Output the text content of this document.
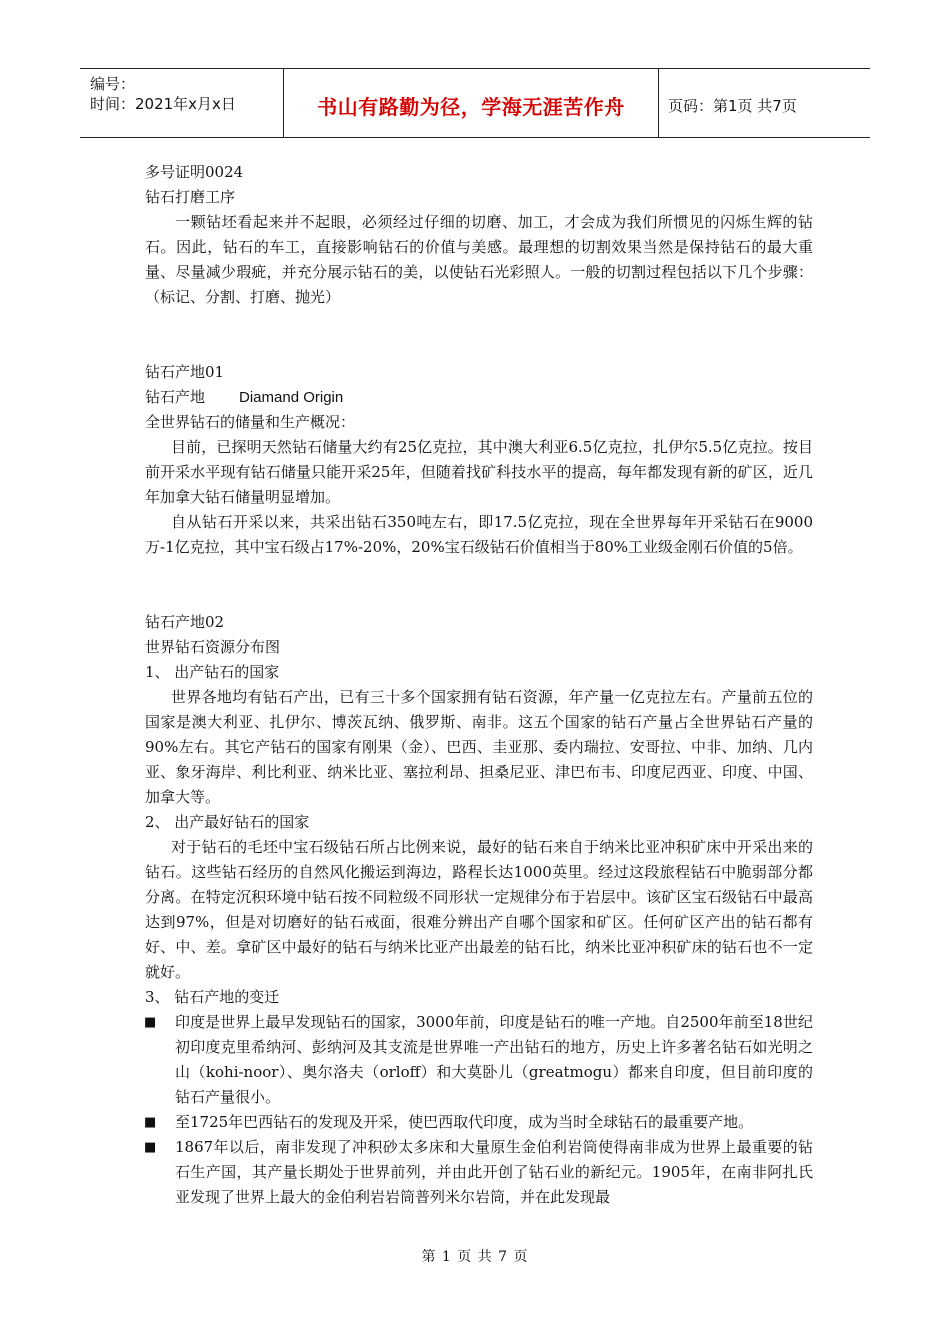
编号：
时间：2021年x月x日	书山有路勤为径，学海无涯苦作舟	页码：第1页 共7页

多号证明0024

钻石打磨工序

一颗钻坯看起来并不起眼，必须经过仔细的切磨、加工，才会成为我们所惯见的闪烁生辉的钻石。因此，钻石的车工，直接影响钻石的价值与美感。最理想的切割效果当然是保持钻石的最大重量、尽量减少瑕疵，并充分展示钻石的美，以使钻石光彩照人。一般的切割过程包括以下几个步骤：（标记、分割、打磨、抛光）

钻石产地01

钻石产地 Diamand Origin

全世界钻石的储量和生产概况：

目前，已探明天然钻石储量大约有25亿克拉，其中澳大利亚6.5亿克拉，扎伊尔5.5亿克拉。按目前开采水平现有钻石储量只能开采25年，但随着找矿科技水平的提高，每年都发现有新的矿区，近几年加拿大钻石储量明显增加。

自从钻石开采以来，共采出钻石350吨左右，即17.5亿克拉，现在全世界每年开采钻石在9000万-1亿克拉，其中宝石级占17%-20%，20%宝石级钻石价值相当于80%工业级金刚石价值的5倍。

钻石产地02

世界钻石资源分布图

1、 出产钻石的国家

世界各地均有钻石产出，已有三十多个国家拥有钻石资源，年产量一亿克拉左右。产量前五位的国家是澳大利亚、扎伊尔、博茨瓦纳、俄罗斯、南非。这五个国家的钻石产量占全世界钻石产量的90%左右。其它产钻石的国家有刚果（金）、巴西、圭亚那、委内瑞拉、安哥拉、中非、加纳、几内亚、象牙海岸、利比利亚、纳米比亚、塞拉利昂、担桑尼亚、津巴布韦、印度尼西亚、印度、中国、加拿大等。

2、 出产最好钻石的国家

对于钻石的毛坯中宝石级钻石所占比例来说，最好的钻石来自于纳米比亚冲积矿床中开采出来的钻石。这些钻石经历的自然风化搬运到海边，路程长达1000英里。经过这段旅程钻石中脆弱部分都分离。在特定沉积环境中钻石按不同粒级不同形状一定规律分布于岩层中。该矿区宝石级钻石中最高达到97%，但是对切磨好的钻石戒面，很难分辨出产自哪个国家和矿区。任何矿区产出的钻石都有好、中、差。拿矿区中最好的钻石与纳米比亚产出最差的钻石比，纳米比亚冲积矿床的钻石也不一定就好。

3、 钻石产地的变迁

■ 印度是世界上最早发现钻石的国家，3000年前，印度是钻石的唯一产地。自2500年前至18世纪初印度克里希纳河、彭纳河及其支流是世界唯一产出钻石的地方，历史上许多著名钻石如光明之山（kohi-noor）、奥尔洛夫（orloff）和大莫卧儿（greatmogu）都来自印度，但目前印度的钻石产量很小。
■ 至1725年巴西钻石的发现及开采，使巴西取代印度，成为当时全球钻石的最重要产地。
■ 1867年以后，南非发现了冲积砂太多床和大量原生金伯利岩筒使得南非成为世界上最重要的钻石生产国，其产量长期处于世界前列，并由此开创了钻石业的新纪元。1905年，在南非阿扎氏亚发现了世界上最大的金伯利岩岩筒普列米尔岩筒，并在此发现最
第 1 页 共 7 页
